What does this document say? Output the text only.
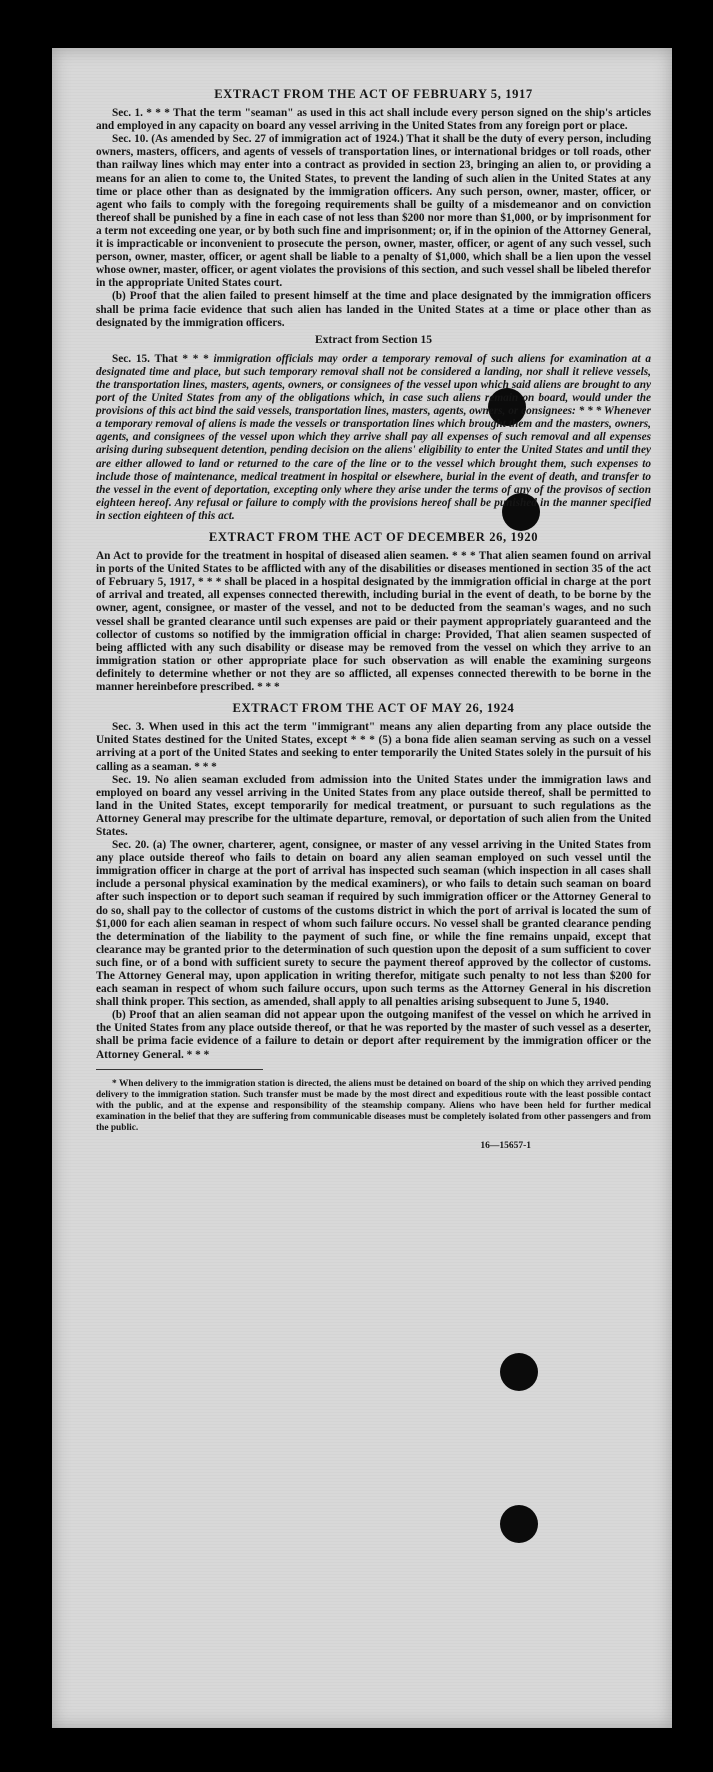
EXTRACT FROM THE ACT OF FEBRUARY 5, 1917

Sec. 1. * * * That the term "seaman" as used in this act shall include every person signed on the ship's articles and employed in any capacity on board any vessel arriving in the United States from any foreign port or place.

Sec. 10. (As amended by Sec. 27 of immigration act of 1924.) That it shall be the duty of every person, including owners, masters, officers, and agents of vessels of transportation lines, or international bridges or toll roads, other than railway lines which may enter into a contract as provided in section 23, bringing an alien to, or providing a means for an alien to come to, the United States, to prevent the landing of such alien in the United States at any time or place other than as designated by the immigration officers. Any such person, owner, master, officer, or agent who fails to comply with the foregoing requirements shall be guilty of a misdemeanor and on conviction thereof shall be punished by a fine in each case of not less than $200 nor more than $1,000, or by imprisonment for a term not exceeding one year, or by both such fine and imprisonment; or, if in the opinion of the Attorney General, it is impracticable or inconvenient to prosecute the person, owner, master, officer, or agent of any such vessel, such person, owner, master, officer, or agent shall be liable to a penalty of $1,000, which shall be a lien upon the vessel whose owner, master, officer, or agent violates the provisions of this section, and such vessel shall be libeled therefor in the appropriate United States court.

(b) Proof that the alien failed to present himself at the time and place designated by the immigration officers shall be prima facie evidence that such alien has landed in the United States at a time or place other than as designated by the immigration officers.

Extract from Section 15

Sec. 15. That * * * immigration officials may order a temporary removal of such aliens for examination at a designated time and place, but such temporary removal shall not be considered a landing, nor shall it relieve vessels, the transportation lines, masters, agents, owners, or consignees of the vessel upon which said aliens are brought to any port of the United States from any of the obligations which, in case such aliens remain on board, would under the provisions of this act bind the said vessels, transportation lines, masters, agents, owners, or consignees: * * * Whenever a temporary removal of aliens is made the vessels or transportation lines which brought them and the masters, owners, agents, and consignees of the vessel upon which they arrive shall pay all expenses of such removal and all expenses arising during subsequent detention, pending decision on the aliens' eligibility to enter the United States and until they are either allowed to land or returned to the care of the line or to the vessel which brought them, such expenses to include those of maintenance, medical treatment in hospital or elsewhere, burial in the event of death, and transfer to the vessel in the event of deportation, excepting only where they arise under the terms of any of the provisos of section eighteen hereof. Any refusal or failure to comply with the provisions hereof shall be punished in the manner specified in section eighteen of this act.

EXTRACT FROM THE ACT OF DECEMBER 26, 1920

An Act to provide for the treatment in hospital of diseased alien seamen. * * * That alien seamen found on arrival in ports of the United States to be afflicted with any of the disabilities or diseases mentioned in section 35 of the act of February 5, 1917, * * * shall be placed in a hospital designated by the immigration official in charge at the port of arrival and treated, all expenses connected therewith, including burial in the event of death, to be borne by the owner, agent, consignee, or master of the vessel, and not to be deducted from the seaman's wages, and no such vessel shall be granted clearance until such expenses are paid or their payment appropriately guaranteed and the collector of customs so notified by the immigration official in charge: Provided, That alien seamen suspected of being afflicted with any such disability or disease may be removed from the vessel on which they arrive to an immigration station or other appropriate place for such observation as will enable the examining surgeons definitely to determine whether or not they are so afflicted, all expenses connected therewith to be borne in the manner hereinbefore prescribed. * * *

EXTRACT FROM THE ACT OF MAY 26, 1924

Sec. 3. When used in this act the term "immigrant" means any alien departing from any place outside the United States destined for the United States, except * * * (5) a bona fide alien seaman serving as such on a vessel arriving at a port of the United States and seeking to enter temporarily the United States solely in the pursuit of his calling as a seaman. * * *

Sec. 19. No alien seaman excluded from admission into the United States under the immigration laws and employed on board any vessel arriving in the United States from any place outside thereof, shall be permitted to land in the United States, except temporarily for medical treatment, or pursuant to such regulations as the Attorney General may prescribe for the ultimate departure, removal, or deportation of such alien from the United States.

Sec. 20. (a) The owner, charterer, agent, consignee, or master of any vessel arriving in the United States from any place outside thereof who fails to detain on board any alien seaman employed on such vessel until the immigration officer in charge at the port of arrival has inspected such seaman (which inspection in all cases shall include a personal physical examination by the medical examiners), or who fails to detain such seaman on board after such inspection or to deport such seaman if required by such immigration officer or the Attorney General to do so, shall pay to the collector of customs of the customs district in which the port of arrival is located the sum of $1,000 for each alien seaman in respect of whom such failure occurs. No vessel shall be granted clearance pending the determination of the liability to the payment of such fine, or while the fine remains unpaid, except that clearance may be granted prior to the determination of such question upon the deposit of a sum sufficient to cover such fine, or of a bond with sufficient surety to secure the payment thereof approved by the collector of customs. The Attorney General may, upon application in writing therefor, mitigate such penalty to not less than $200 for each seaman in respect of whom such failure occurs, upon such terms as the Attorney General in his discretion shall think proper. This section, as amended, shall apply to all penalties arising subsequent to June 5, 1940.

(b) Proof that an alien seaman did not appear upon the outgoing manifest of the vessel on which he arrived in the United States from any place outside thereof, or that he was reported by the master of such vessel as a deserter, shall be prima facie evidence of a failure to detain or deport after requirement by the immigration officer or the Attorney General. * * *

* When delivery to the immigration station is directed, the aliens must be detained on board of the ship on which they arrived pending delivery to the immigration station. Such transfer must be made by the most direct and expeditious route with the least possible contact with the public, and at the expense and responsibility of the steamship company. Aliens who have been held for further medical examination in the belief that they are suffering from communicable diseases must be completely isolated from other passengers and from the public.

16—15657-1
